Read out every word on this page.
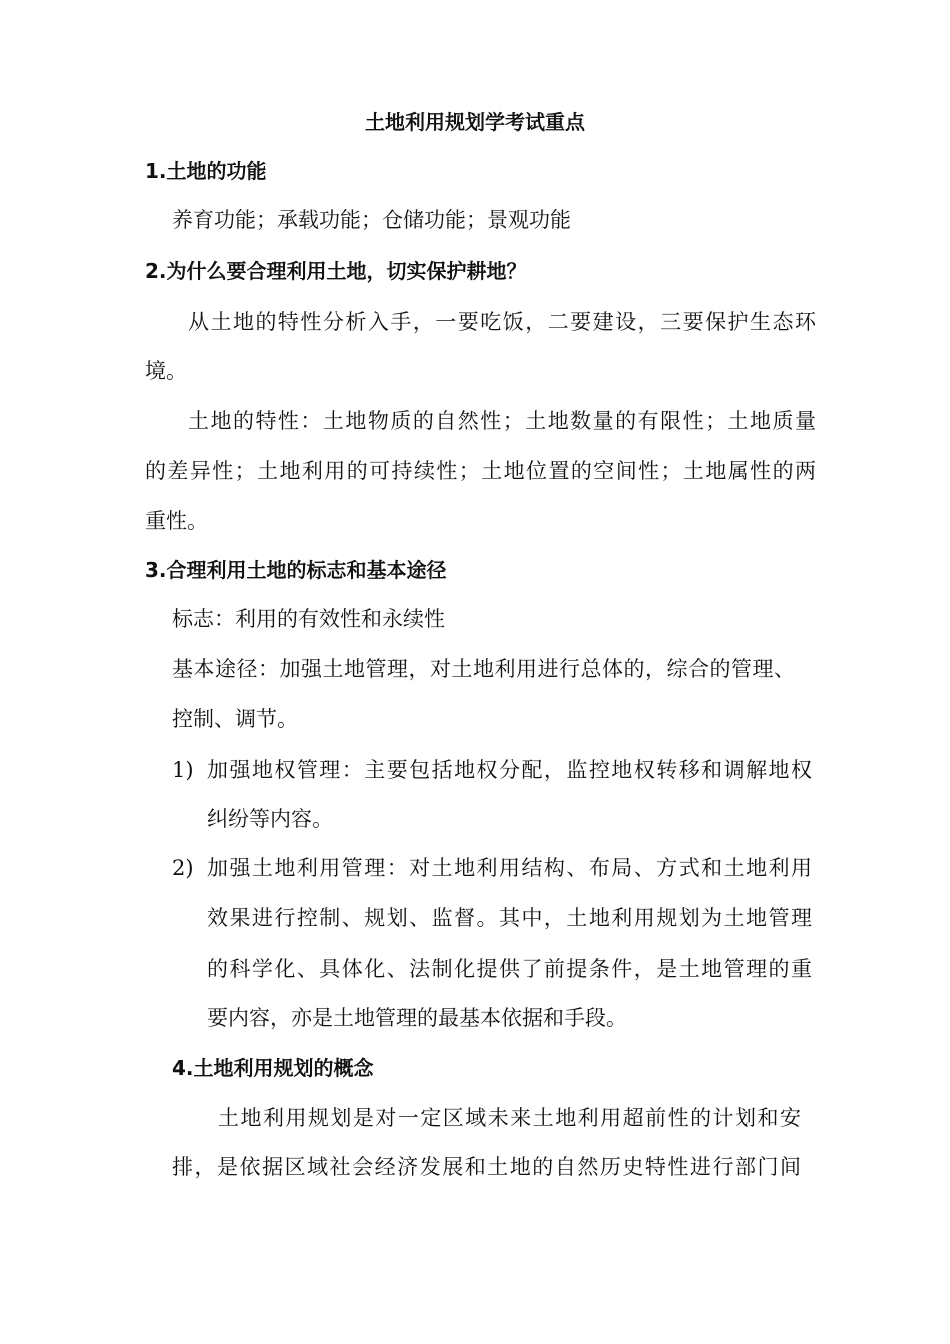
土地利用规划学考试重点
1.土地的功能
养育功能；承载功能；仓储功能；景观功能
2.为什么要合理利用土地，切实保护耕地？
从土地的特性分析入手，一要吃饭，二要建设，三要保护生态环
境。
土地的特性：土地物质的自然性；土地数量的有限性；土地质量
的差异性；土地利用的可持续性；土地位置的空间性；土地属性的两
重性。
3.合理利用土地的标志和基本途径
标志：利用的有效性和永续性
基本途径：加强土地管理，对土地利用进行总体的，综合的管理、
控制、调节。
1) 加强地权管理：主要包括地权分配，监控地权转移和调解地权
纠纷等内容。
2) 加强土地利用管理：对土地利用结构、布局、方式和土地利用
效果进行控制、规划、监督。其中，土地利用规划为土地管理
的科学化、具体化、法制化提供了前提条件，是土地管理的重
要内容，亦是土地管理的最基本依据和手段。
4.土地利用规划的概念
土地利用规划是对一定区域未来土地利用超前性的计划和安
排，是依据区域社会经济发展和土地的自然历史特性进行部门间
